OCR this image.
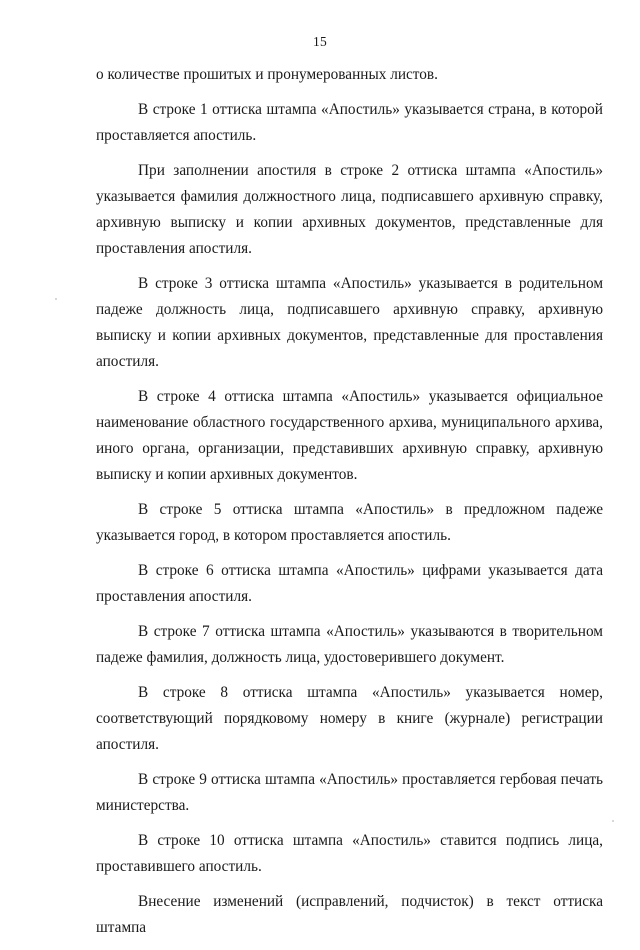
15

о количестве прошитых и пронумерованных листов.

В строке 1 оттиска штампа «Апостиль» указывается страна, в которой проставляется апостиль.

При заполнении апостиля в строке 2 оттиска штампа «Апостиль» указывается фамилия должностного лица, подписавшего архивную справку, архивную выписку и копии архивных документов, представленные для проставления апостиля.

В строке 3 оттиска штампа «Апостиль» указывается в родительном падеже должность лица, подписавшего архивную справку, архивную выписку и копии архивных документов, представленные для проставления апостиля.

В строке 4 оттиска штампа «Апостиль» указывается официальное наименование областного государственного архива, муниципального архива, иного органа, организации, представивших архивную справку, архивную выписку и копии архивных документов.

В строке 5 оттиска штампа «Апостиль» в предложном падеже указывается город, в котором проставляется апостиль.

В строке 6 оттиска штампа «Апостиль» цифрами указывается дата проставления апостиля.

В строке 7 оттиска штампа «Апостиль» указываются в творительном падеже фамилия, должность лица, удостоверившего документ.

В строке 8 оттиска штампа «Апостиль» указывается номер, соответствующий порядковому номеру в книге (журнале) регистрации апостиля.

В строке 9 оттиска штампа «Апостиль» проставляется гербовая печать министерства.

В строке 10 оттиска штампа «Апостиль» ставится подпись лица, проставившего апостиль.

Внесение изменений (исправлений, подчисток) в текст оттиска штампа
